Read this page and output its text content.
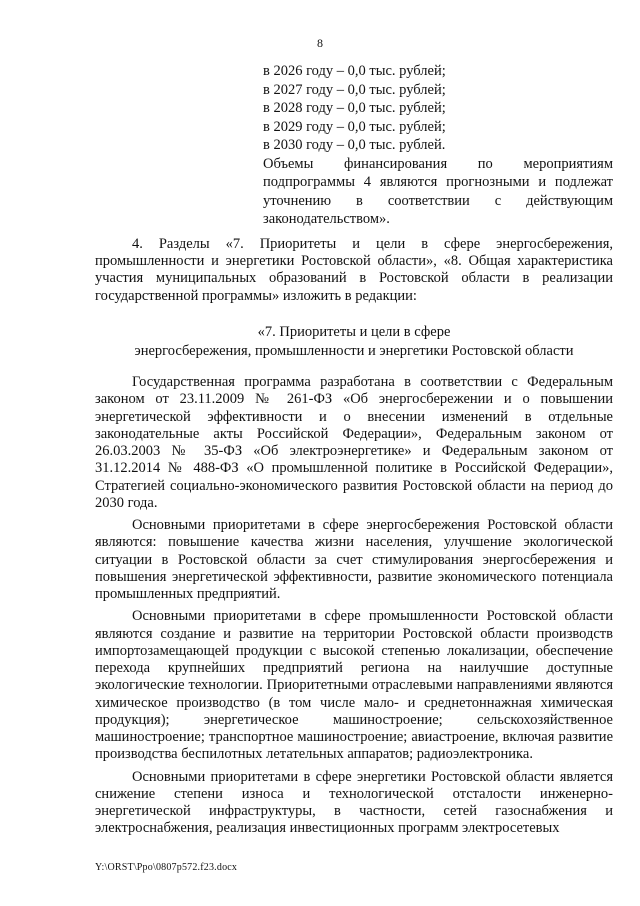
8
в 2026 году – 0,0 тыс. рублей;
в 2027 году – 0,0 тыс. рублей;
в 2028 году – 0,0 тыс. рублей;
в 2029 году – 0,0 тыс. рублей;
в 2030 году – 0,0 тыс. рублей.
Объемы финансирования по мероприятиям подпрограммы 4 являются прогнозными и подлежат уточнению в соответствии с действующим законодательством».
4. Разделы «7. Приоритеты и цели в сфере энергосбережения, промышленности и энергетики Ростовской области», «8. Общая характеристика участия муниципальных образований в Ростовской области в реализации государственной программы» изложить в редакции:
«7. Приоритеты и цели в сфере
энергосбережения, промышленности и энергетики Ростовской области

Государственная программа разработана в соответствии с Федеральным законом от 23.11.2009 № 261-ФЗ «Об энергосбережении и о повышении энергетической эффективности и о внесении изменений в отдельные законодательные акты Российской Федерации», Федеральным законом от 26.03.2003 № 35-ФЗ «Об электроэнергетике» и Федеральным законом от 31.12.2014 № 488-ФЗ «О промышленной политике в Российской Федерации», Стратегией социально-экономического развития Ростовской области на период до 2030 года.

Основными приоритетами в сфере энергосбережения Ростовской области являются: повышение качества жизни населения, улучшение экологической ситуации в Ростовской области за счет стимулирования энергосбережения и повышения энергетической эффективности, развитие экономического потенциала промышленных предприятий.

Основными приоритетами в сфере промышленности Ростовской области являются создание и развитие на территории Ростовской области производств импортозамещающей продукции с высокой степенью локализации, обеспечение перехода крупнейших предприятий региона на наилучшие доступные экологические технологии. Приоритетными отраслевыми направлениями являются химическое производство (в том числе мало- и среднетоннажная химическая продукция); энергетическое машиностроение; сельскохозяйственное машиностроение; транспортное машиностроение; авиастроение, включая развитие производства беспилотных летательных аппаратов; радиоэлектроника.

Основными приоритетами в сфере энергетики Ростовской области является снижение степени износа и технологической отсталости инженерно-энергетической инфраструктуры, в частности, сетей газоснабжения и электроснабжения, реализация инвестиционных программ электросетевых

Y:\ORST\Ppo\0807p572.f23.docx
